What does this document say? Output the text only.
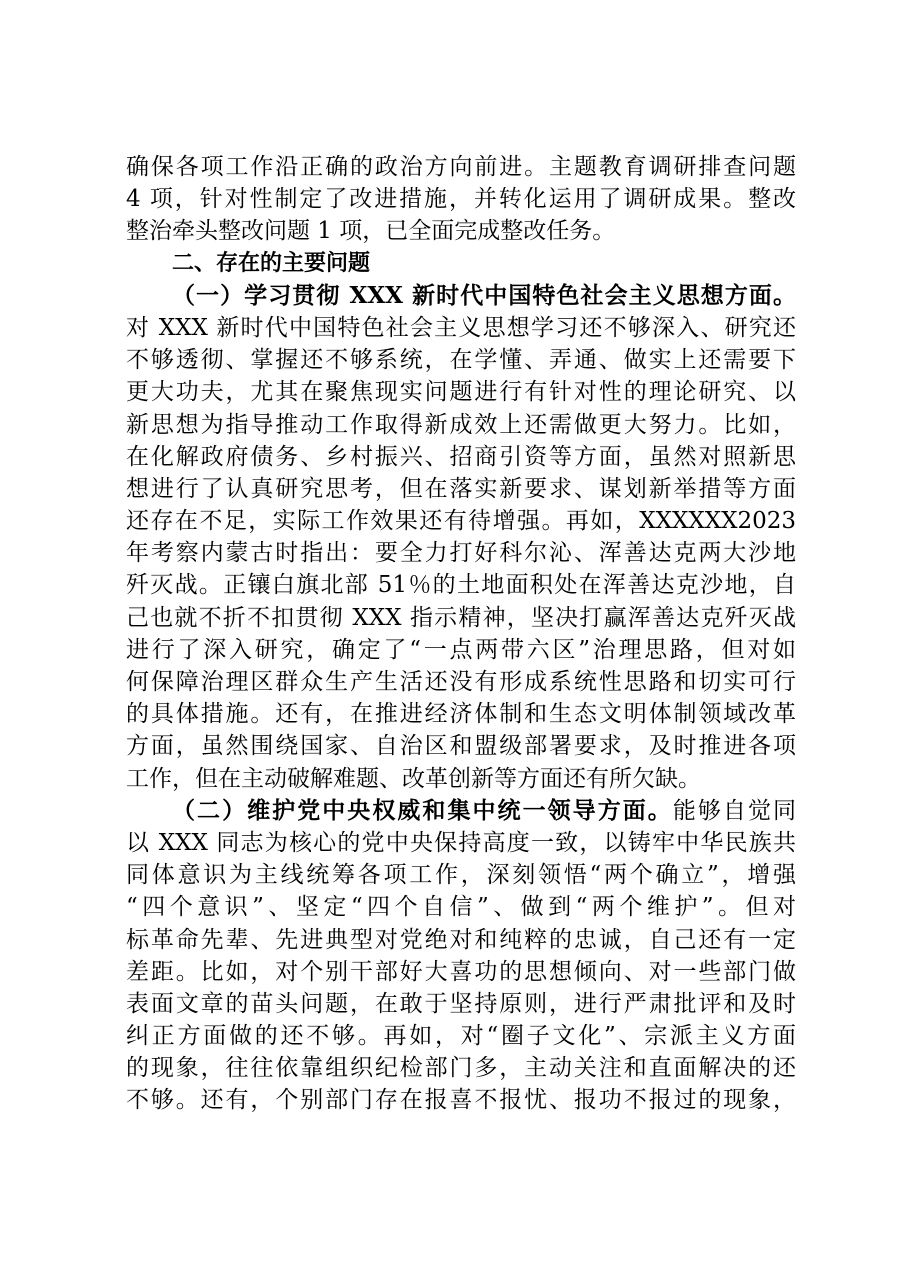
确保各项工作沿正确的政治方向前进。主题教育调研排查问题
4 项，针对性制定了改进措施，并转化运用了调研成果。整改
整治牵头整改问题 1 项，已全面完成整改任务。
二、存在的主要问题
（一）学习贯彻 XXX 新时代中国特色社会主义思想方面。
对 XXX 新时代中国特色社会主义思想学习还不够深入、研究还
不够透彻、掌握还不够系统，在学懂、弄通、做实上还需要下
更大功夫，尤其在聚焦现实问题进行有针对性的理论研究、以
新思想为指导推动工作取得新成效上还需做更大努力。比如，
在化解政府债务、乡村振兴、招商引资等方面，虽然对照新思
想进行了认真研究思考，但在落实新要求、谋划新举措等方面
还存在不足，实际工作效果还有待增强。再如，XXXXXX2023
年考察内蒙古时指出：要全力打好科尔沁、浑善达克两大沙地
歼灭战。正镶白旗北部 51％的土地面积处在浑善达克沙地，自
己也就不折不扣贯彻 XXX 指示精神，坚决打赢浑善达克歼灭战
进行了深入研究，确定了“一点两带六区”治理思路，但对如
何保障治理区群众生产生活还没有形成系统性思路和切实可行
的具体措施。还有，在推进经济体制和生态文明体制领域改革
方面，虽然围绕国家、自治区和盟级部署要求，及时推进各项
工作，但在主动破解难题、改革创新等方面还有所欠缺。
（二）维护党中央权威和集中统一领导方面。能够自觉同
以 XXX 同志为核心的党中央保持高度一致，以铸牢中华民族共
同体意识为主线统筹各项工作，深刻领悟“两个确立”，增强
“四个意识”、坚定“四个自信”、做到“两个维护”。但对
标革命先辈、先进典型对党绝对和纯粹的忠诚，自己还有一定
差距。比如，对个别干部好大喜功的思想倾向、对一些部门做
表面文章的苗头问题，在敢于坚持原则，进行严肃批评和及时
纠正方面做的还不够。再如，对“圈子文化”、宗派主义方面
的现象，往往依靠组织纪检部门多，主动关注和直面解决的还
不够。还有，个别部门存在报喜不报忧、报功不报过的现象，
